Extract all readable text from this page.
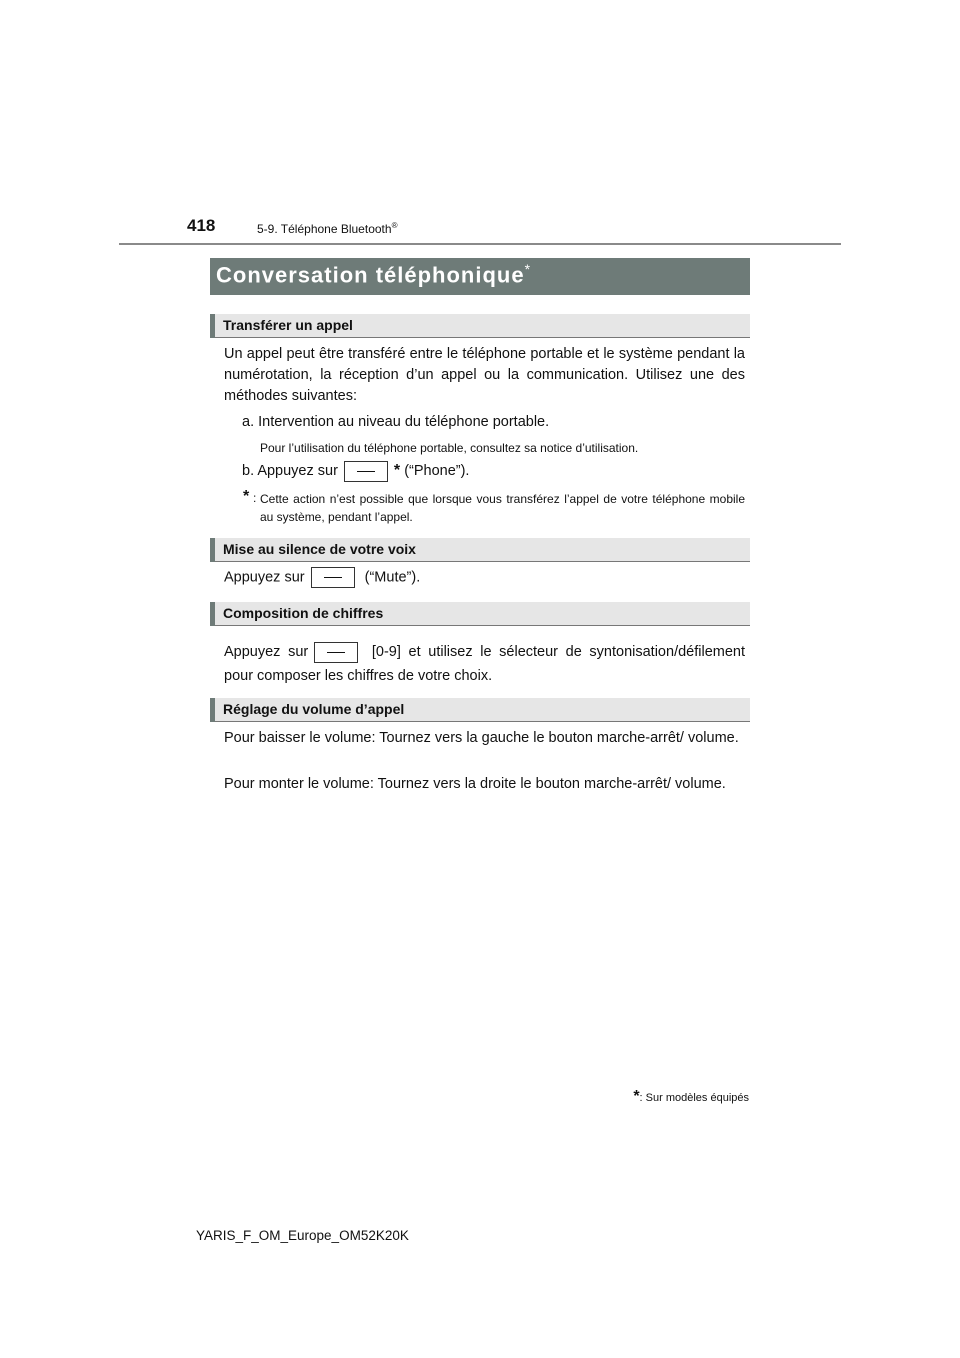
418	5-9. Téléphone Bluetooth®
Conversation téléphonique*
Transférer un appel
Un appel peut être transféré entre le téléphone portable et le système pendant la numérotation, la réception d’un appel ou la communication. Utilisez une des méthodes suivantes:
a. Intervention au niveau du téléphone portable.
Pour l’utilisation du téléphone portable, consultez sa notice d’utilisation.
b. Appuyez sur	* (“Phone”).
* : Cette action n’est possible que lorsque vous transférez l’appel de votre téléphone mobile au système, pendant l’appel.
Mise au silence de votre voix
Appuyez sur	(“Mute”).
Composition de chiffres
Appuyez sur	[0-9] et utilisez le sélecteur de syntonisation/défilement pour composer les chiffres de votre choix.
Réglage du volume d’appel
Pour baisser le volume: Tournez vers la gauche le bouton marche-arrêt/ volume.
Pour monter le volume: Tournez vers la droite le bouton marche-arrêt/ volume.
*: Sur modèles équipés
YARIS_F_OM_Europe_OM52K20K
